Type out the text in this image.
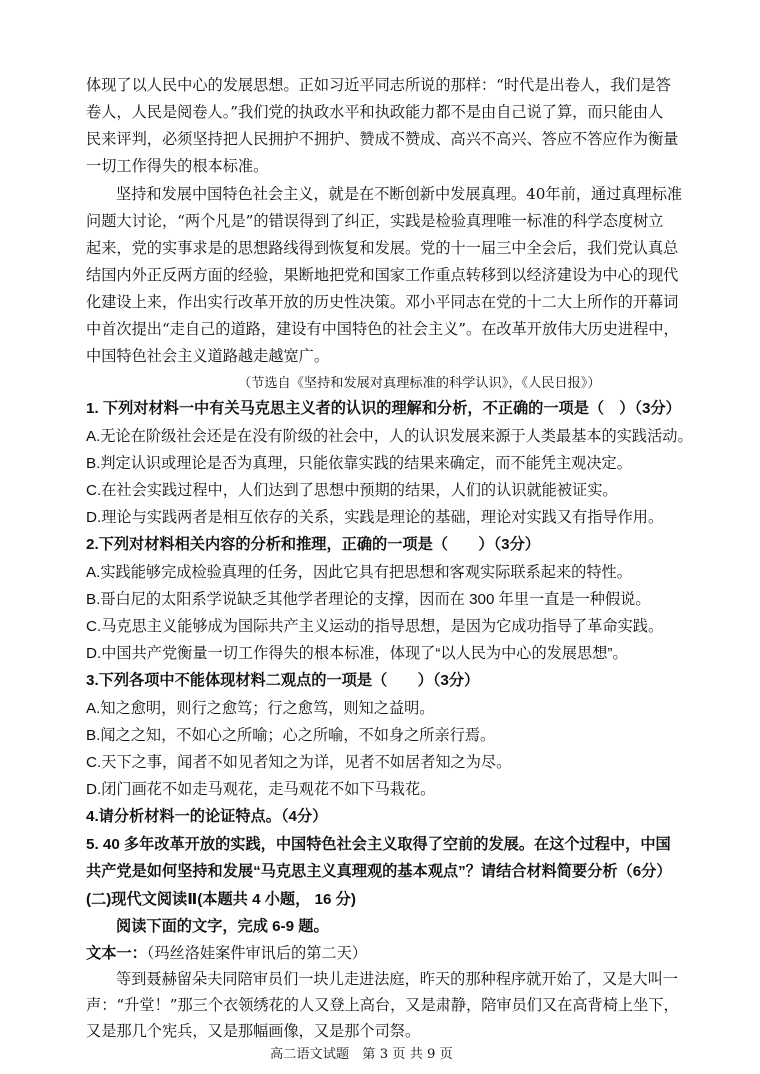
体现了以人民中心的发展思想。正如习近平同志所说的那样：“时代是出卷人，我们是答
卷人，人民是阅卷人。”我们党的执政水平和执政能力都不是由自己说了算，而只能由人
民来评判，必须坚持把人民拥护不拥护、赞成不赞成、高兴不高兴、答应不答应作为衡量
一切工作得失的根本标准。
坚持和发展中国特色社会主义，就是在不断创新中发展真理。40年前，通过真理标准
问题大讨论，“两个凡是”的错误得到了纠正，实践是检验真理唯一标准的科学态度树立
起来，党的实事求是的思想路线得到恢复和发展。党的十一届三中全会后，我们党认真总
结国内外正反两方面的经验，果断地把党和国家工作重点转移到以经济建设为中心的现代
化建设上来，作出实行改革开放的历史性决策。邓小平同志在党的十二大上所作的开幕词
中首次提出“走自己的道路，建设有中国特色的社会主义”。在改革开放伟大历史进程中，
中国特色社会主义道路越走越宽广。
（节选自《坚持和发展对真理标准的科学认识》，《人民日报》）
1. 下列对材料一中有关马克思主义者的认识的理解和分析，不正确的一项是（　）（3分）
A.无论在阶级社会还是在没有阶级的社会中，人的认识发展来源于人类最基本的实践活动。
B.判定认识或理论是否为真理，只能依靠实践的结果来确定，而不能凭主观决定。
C.在社会实践过程中，人们达到了思想中预期的结果，人们的认识就能被证实。
D.理论与实践两者是相互依存的关系，实践是理论的基础，理论对实践又有指导作用。
2.下列对材料相关内容的分析和推理，正确的一项是（　　）（3分）
A.实践能够完成检验真理的任务，因此它具有把思想和客观实际联系起来的特性。
B.哥白尼的太阳系学说缺乏其他学者理论的支撑，因而在 300 年里一直是一种假说。
C.马克思主义能够成为国际共产主义运动的指导思想，是因为它成功指导了革命实践。
D.中国共产党衡量一切工作得失的根本标准，体现了“以人民为中心的发展思想”。
3.下列各项中不能体现材料二观点的一项是（　　）（3分）
A.知之愈明，则行之愈笃；行之愈笃，则知之益明。
B.闻之之知，不如心之所喻；心之所喻，不如身之所亲行焉。
C.天下之事，闻者不如见者知之为详，见者不如居者知之为尽。
D.闭门画花不如走马观花，走马观花不如下马栽花。
4.请分析材料一的论证特点。（4分）
5. 40 多年改革开放的实践，中国特色社会主义取得了空前的发展。在这个过程中，中国
共产党是如何坚持和发展“马克思主义真理观的基本观点”？请结合材料简要分析（6分）
(二)现代文阅读Ⅱ(本题共 4 小题， 16 分)
阅读下面的文字，完成 6-9 题。
文本一：（玛丝洛娃案件审讯后的第二天）
等到聂赫留朵夫同陪审员们一块儿走进法庭，昨天的那种程序就开始了，又是大叫一
声：“升堂！”那三个衣领绣花的人又登上高台，又是肃静，陪审员们又在高背椅上坐下，
又是那几个宪兵，又是那幅画像，又是那个司祭。
高二语文试题　第 3 页 共 9 页
